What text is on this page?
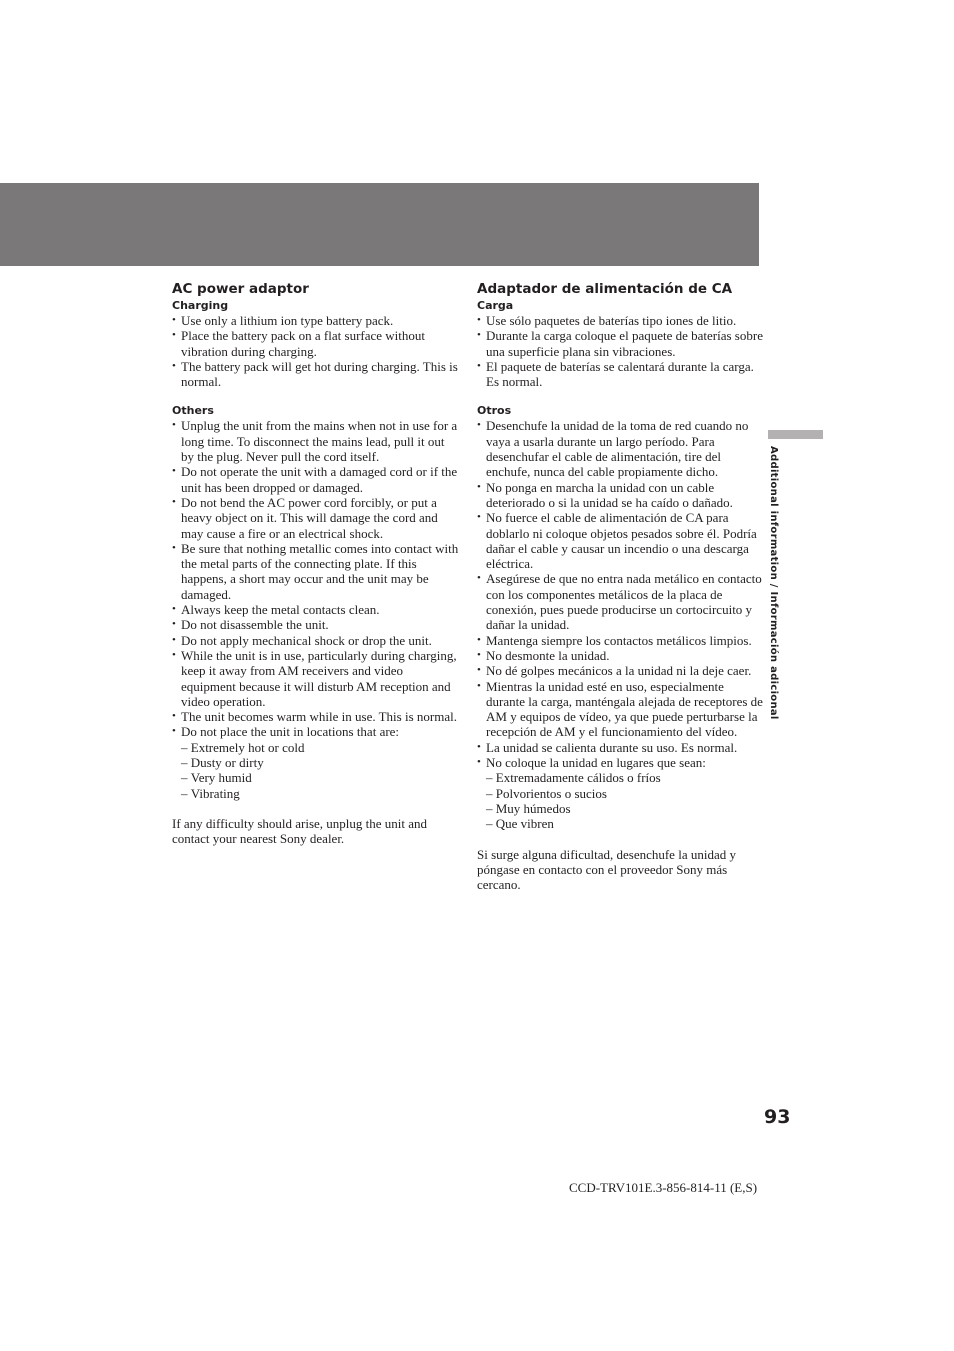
AC power adaptor
Charging
• Use only a lithium ion type battery pack.
• Place the battery pack on a flat surface without vibration during charging.
• The battery pack will get hot during charging. This is normal.
Others
• Unplug the unit from the mains when not in use for a long time. To disconnect the mains lead, pull it out by the plug. Never pull the cord itself.
• Do not operate the unit with a damaged cord or if the unit has been dropped or damaged.
• Do not bend the AC power cord forcibly, or put a heavy object on it. This will damage the cord and may cause a fire or an electrical shock.
• Be sure that nothing metallic comes into contact with the metal parts of the connecting plate. If this happens, a short may occur and the unit may be damaged.
• Always keep the metal contacts clean.
• Do not disassemble the unit.
• Do not apply mechanical shock or drop the unit.
• While the unit is in use, particularly during charging, keep it away from AM receivers and video equipment because it will disturb AM reception and video operation.
• The unit becomes warm while in use. This is normal.
• Do not place the unit in locations that are:
– Extremely hot or cold
– Dusty or dirty
– Very humid
– Vibrating

If any difficulty should arise, unplug the unit and contact your nearest Sony dealer.

Adaptador de alimentación de CA
Carga
• Use sólo paquetes de baterías tipo iones de litio.
• Durante la carga coloque el paquete de baterías sobre una superficie plana sin vibraciones.
• El paquete de baterías se calentará durante la carga. Es normal.
Otros
• Desenchufe la unidad de la toma de red cuando no vaya a usarla durante un largo período. Para desenchufar el cable de alimentación, tire del enchufe, nunca del cable propiamente dicho.
• No ponga en marcha la unidad con un cable deteriorado o si la unidad se ha caído o dañado.
• No fuerce el cable de alimentación de CA para doblarlo ni coloque objetos pesados sobre él. Podría dañar el cable y causar un incendio o una descarga eléctrica.
• Asegúrese de que no entra nada metálico en contacto con los componentes metálicos de la placa de conexión, pues puede producirse un cortocircuito y dañar la unidad.
• Mantenga siempre los contactos metálicos limpios.
• No desmonte la unidad.
• No dé golpes mecánicos a la unidad ni la deje caer.
• Mientras la unidad esté en uso, especialmente durante la carga, manténgala alejada de receptores de AM y equipos de vídeo, ya que puede perturbarse la recepción de AM y el funcionamiento del vídeo.
• La unidad se calienta durante su uso. Es normal.
• No coloque la unidad en lugares que sean:
– Extremadamente cálidos o fríos
– Polvorientos o sucios
– Muy húmedos
– Que vibren

Si surge alguna dificultad, desenchufe la unidad y póngase en contacto con el proveedor Sony más cercano.

Additional information / Información adicional
93
CCD-TRV101E.3-856-814-11 (E,S)
